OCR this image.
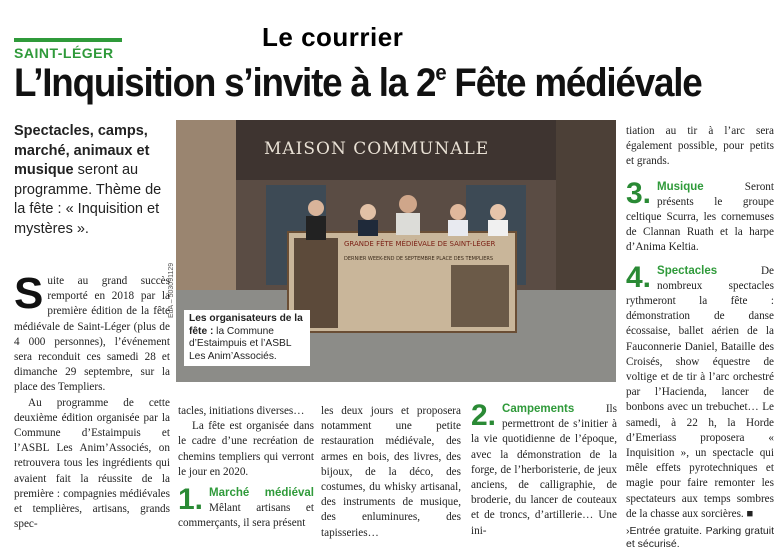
Le courrier
SAINT-LÉGER
L’Inquisition s’invite à la 2e Fête médiévale
Spectacles, camps, marché, animaux et musique seront au programme. Thème de la fête : « Inquisition et mystères ».
MAISON COMMUNALE
GRANDE FÊTE MÉDIÉVALE DE SAINT-LÉGER
DERNIER WEEK-END DE SEPTEMBRE PLACE DES TEMPLIERS
EdA – 503091129
Les organisateurs de la fête : la Commune d’Estaimpuis et l’ASBL Les Anim’Associés.
S uite au grand succès remporté en 2018 par la première édition de la fête médiévale de Saint-Léger (plus de 4 000 personnes), l’événement sera reconduit ces samedi 28 et dimanche 29 septembre, sur la place des Templiers.

Au programme de cette deuxième édition organisée par la Commune d’Estaimpuis et l’ASBL Les Anim’Associés, on retrouvera tous les ingrédients qui avaient fait la réussite de la première : compagnies médiévales et templières, artisans, grands spec-

tacles, initiations diverses…

La fête est organisée dans le cadre d’une recréation de chemins templiers qui verront le jour en 2020.

1. Marché médiéval Mêlant artisans et commerçants, il sera présent

les deux jours et proposera notamment une petite restauration médiévale, des armes en bois, des livres, des bijoux, de la déco, des costumes, du whisky artisanal, des instruments de musique, des enluminures, des tapisseries…

2. Campements	Ils permettront de s’initier à la vie quotidienne de l’époque, avec la démonstration de la forge, de l’herboristerie, de jeux anciens, de calligraphie, de broderie, du lancer de couteaux et de troncs, d’artillerie… Une ini-

tiation au tir à l’arc sera également possible, pour petits et grands.

3. Musique	Seront présents le groupe celtique Scurra, les cornemuses de Clannan Ruath et la harpe d’Anima Keltia.
4. Spectacles	De nombreux spectacles rythmeront la fête : démonstration de danse écossaise, ballet aérien de la Fauconnerie Daniel, Bataille des Croisés, show équestre de voltige et de tir à l’arc orchestré par l’Hacienda, lancer de bonbons avec un trebuchet… Le samedi, à 22 h, la Horde d’Emeriass proposera « Inquisition », un spectacle qui mêle effets pyrotechniques et magie pour faire remonter les spectateurs aux temps sombres de la chasse aux sorcières. ■

›Entrée gratuite. Parking gratuit et sécurisé.
